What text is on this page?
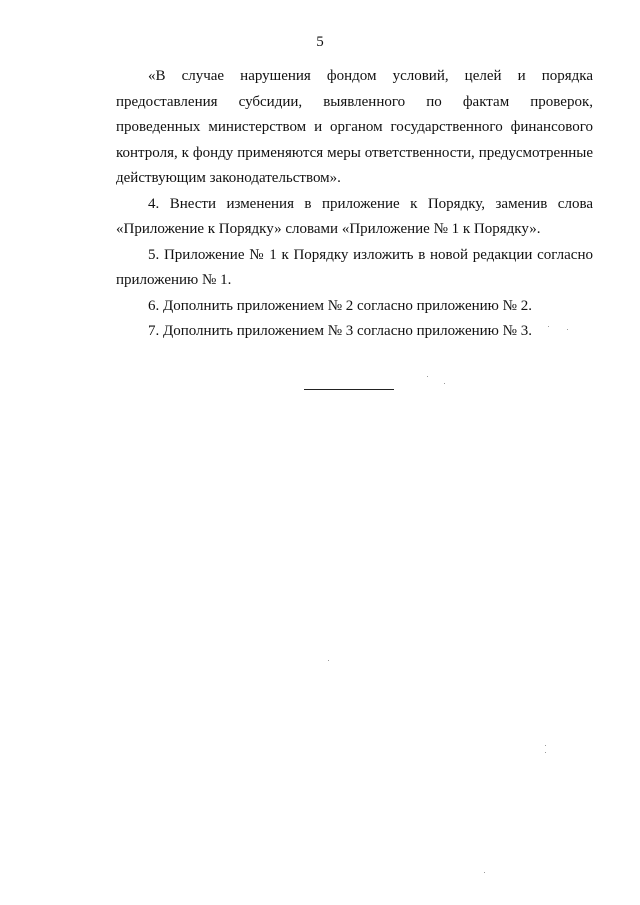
5

«В случае нарушения фондом условий, целей и порядка предоставления субсидии, выявленного по фактам проверок, проведенных министерством и органом государственного финансового контроля, к фонду применяются меры ответственности, предусмотренные действующим законодательством».

4. Внести изменения в приложение к Порядку, заменив слова «Приложение к Порядку» словами «Приложение № 1 к Порядку».

5. Приложение № 1 к Порядку изложить в новой редакции согласно приложению № 1.

6. Дополнить приложением № 2 согласно приложению № 2.

7. Дополнить приложением № 3 согласно приложению № 3.
